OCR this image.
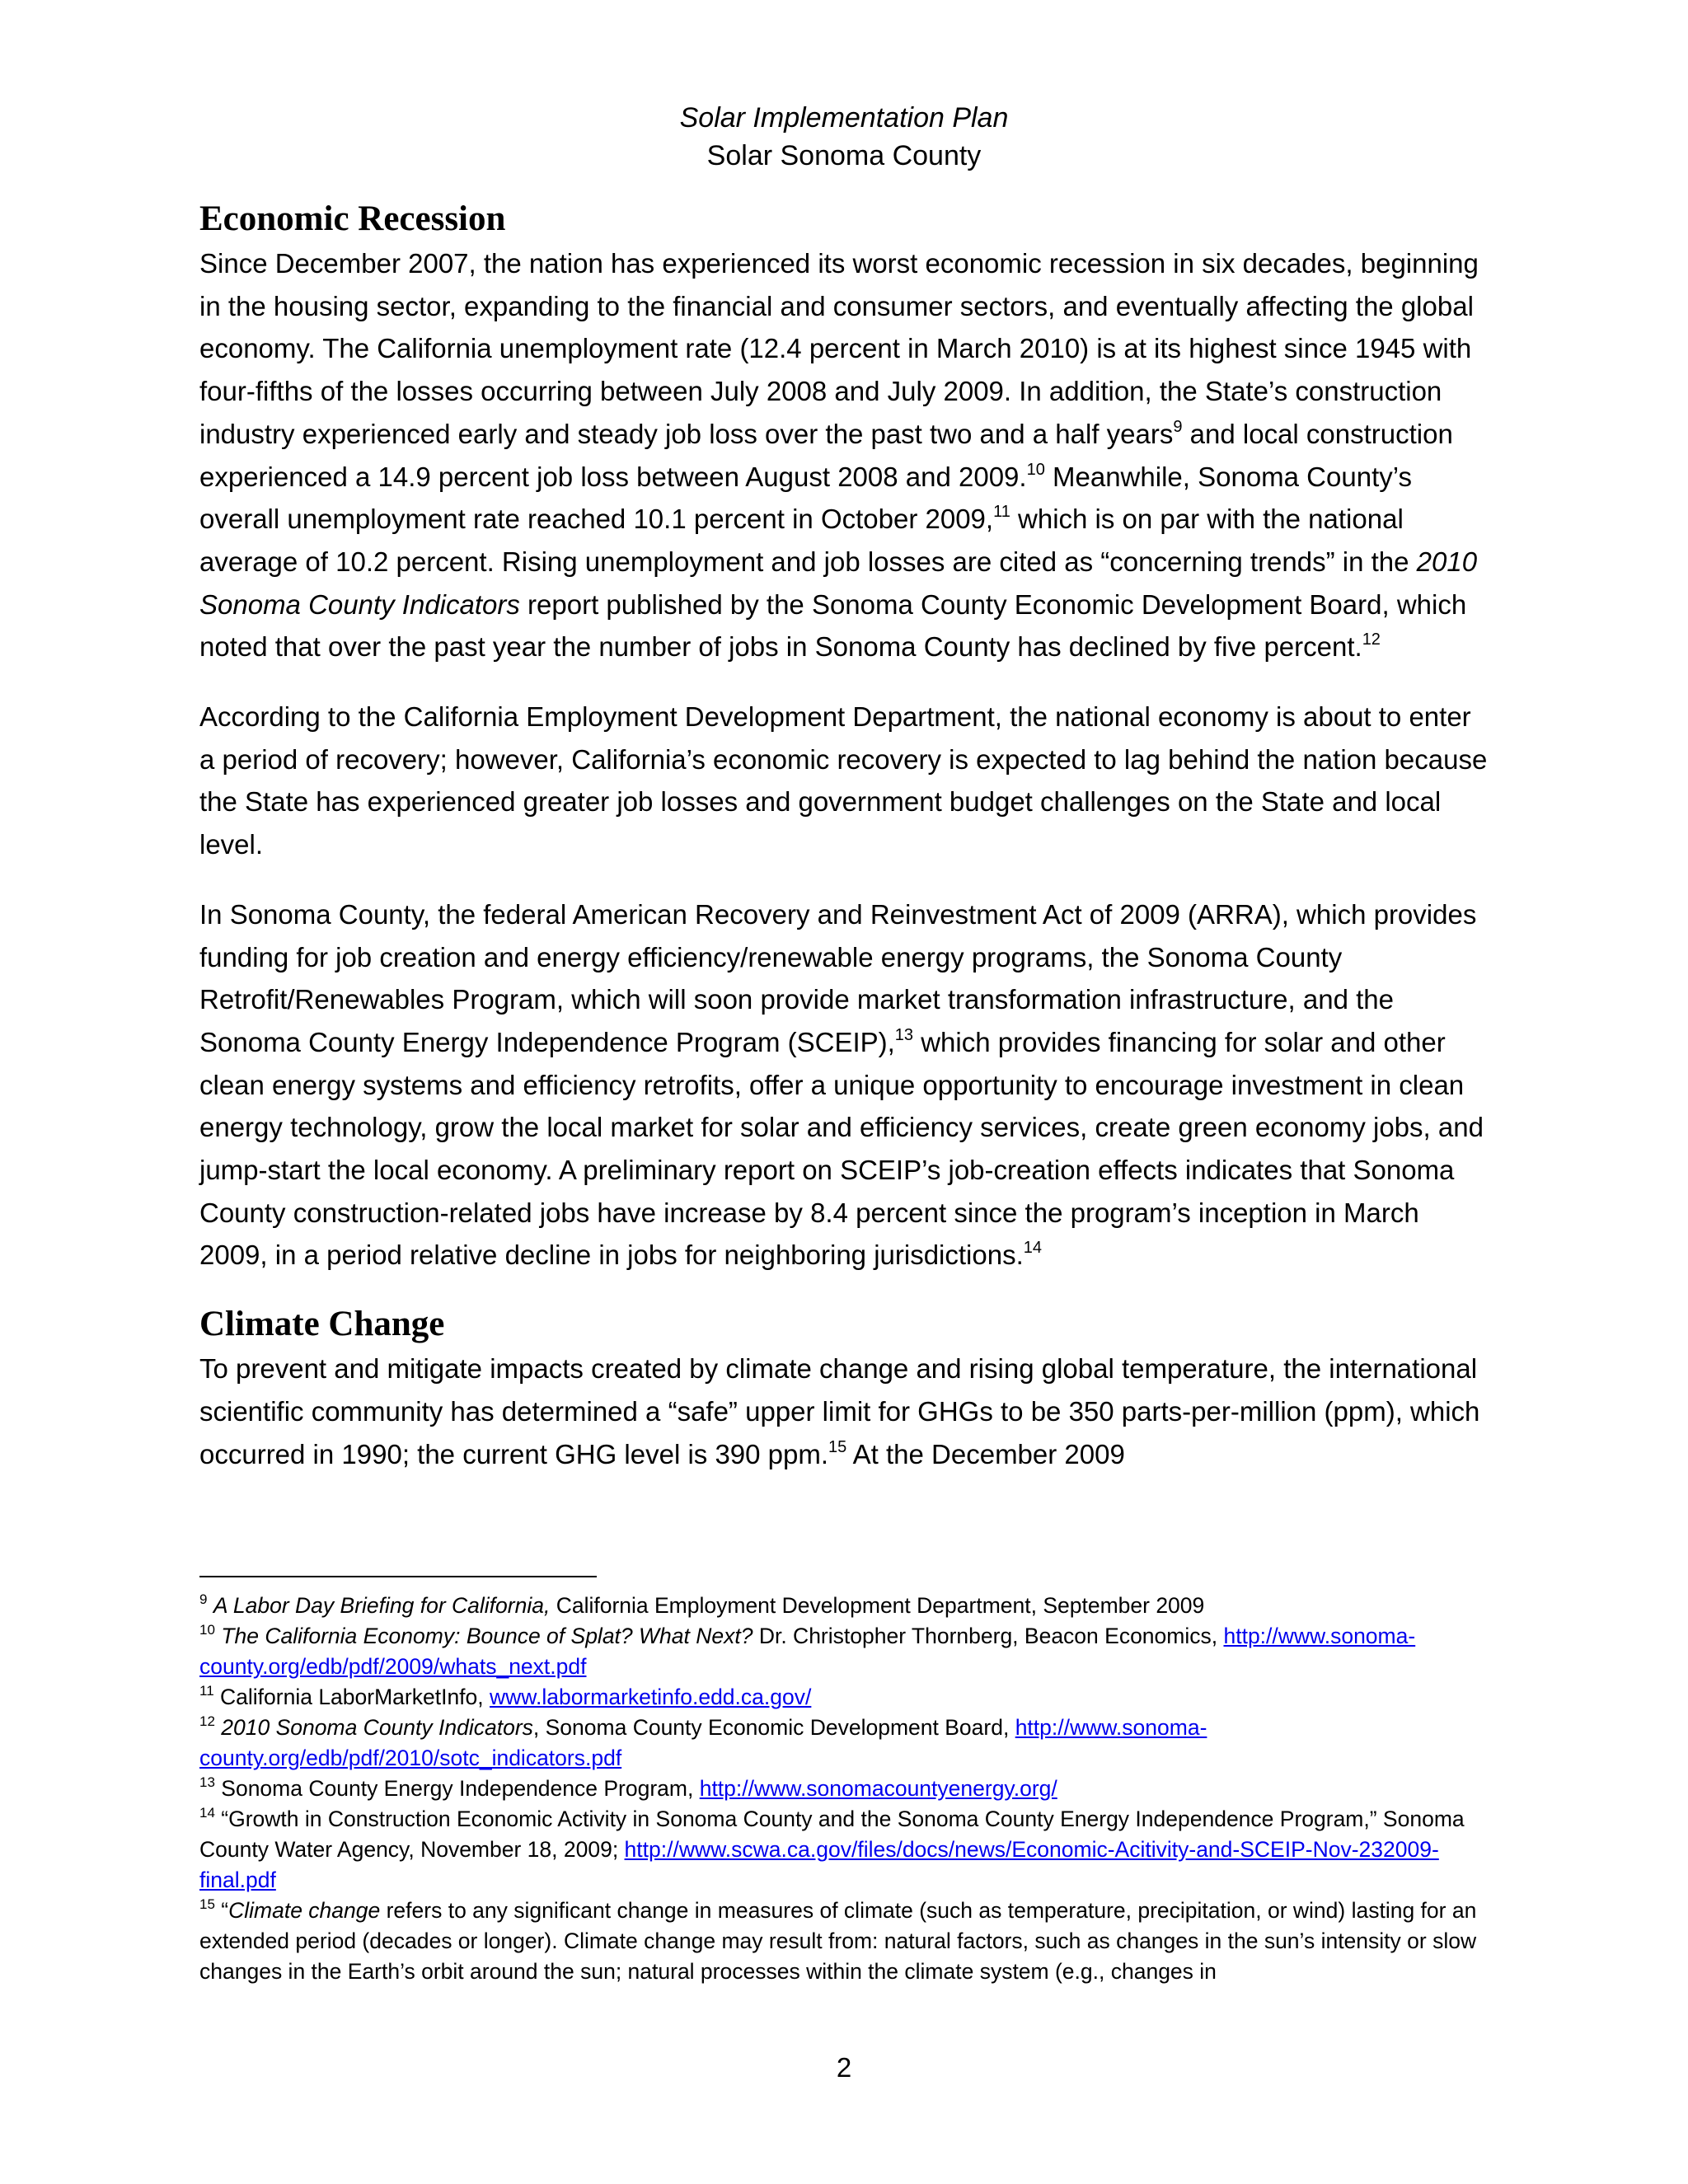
Solar Implementation Plan
Solar Sonoma County
Economic Recession

Since December 2007, the nation has experienced its worst economic recession in six decades, beginning in the housing sector, expanding to the financial and consumer sectors, and eventually affecting the global economy. The California unemployment rate (12.4 percent in March 2010) is at its highest since 1945 with four-fifths of the losses occurring between July 2008 and July 2009. In addition, the State’s construction industry experienced early and steady job loss over the past two and a half years$^9$ and local construction experienced a 14.9 percent job loss between August 2008 and 2009.10 Meanwhile, Sonoma County’s overall unemployment rate reached 10.1 percent in October 2009,11 which is on par with the national average of 10.2 percent. Rising unemployment and job losses are cited as “concerning trends” in the 2010 Sonoma County Indicators report published by the Sonoma County Economic Development Board, which noted that over the past year the number of jobs in Sonoma County has declined by five percent.$^{12}$

According to the California Employment Development Department, the national economy is about to enter a period of recovery; however, California’s economic recovery is expected to lag behind the nation because the State has experienced greater job losses and government budget challenges on the State and local level.

In Sonoma County, the federal American Recovery and Reinvestment Act of 2009 (ARRA), which provides funding for job creation and energy efficiency/renewable energy programs, the Sonoma County Retrofit/Renewables Program, which will soon provide market transformation infrastructure, and the Sonoma County Energy Independence Program (SCEIP),$^{13}$ which provides financing for solar and other clean energy systems and efficiency retrofits, offer a unique opportunity to encourage investment in clean energy technology, grow the local market for solar and efficiency services, create green economy jobs, and jump-start the local economy. A preliminary report on SCEIP’s job-creation effects indicates that Sonoma County construction-related jobs have increase by 8.4 percent since the program’s inception in March 2009, in a period relative decline in jobs for neighboring jurisdictions.$^{14}$

Climate Change

To prevent and mitigate impacts created by climate change and rising global temperature, the international scientific community has determined a “safe” upper limit for GHGs to be 350 parts-per-million (ppm), which occurred in 1990; the current GHG level is 390 ppm.$^{15}$ At the December 2009

$^9$ A Labor Day Briefing for California, California Employment Development Department, September 2009
$^{10}$ The California Economy: Bounce of Splat? What Next? Dr. Christopher Thornberg, Beacon Economics, http://www.sonoma-county.org/edb/pdf/2009/whats_next.pdf
$^{11}$ California LaborMarketInfo, www.labormarketinfo.edd.ca.gov/
$^{12}$ 2010 Sonoma County Indicators, Sonoma County Economic Development Board, http://www.sonoma-county.org/edb/pdf/2010/sotc_indicators.pdf
$^{13}$ Sonoma County Energy Independence Program, http://www.sonomacountyenergy.org/
$^{14}$ “Growth in Construction Economic Activity in Sonoma County and the Sonoma County Energy Independence Program,” Sonoma County Water Agency, November 18, 2009; http://www.scwa.ca.gov/files/docs/news/Economic-Acitivity-and-SCEIP-Nov-232009-final.pdf
$^{15}$ “Climate change refers to any significant change in measures of climate (such as temperature, precipitation, or wind) lasting for an extended period (decades or longer). Climate change may result from: natural factors, such as changes in the sun’s intensity or slow changes in the Earth’s orbit around the sun; natural processes within the climate system (e.g., changes in
2
